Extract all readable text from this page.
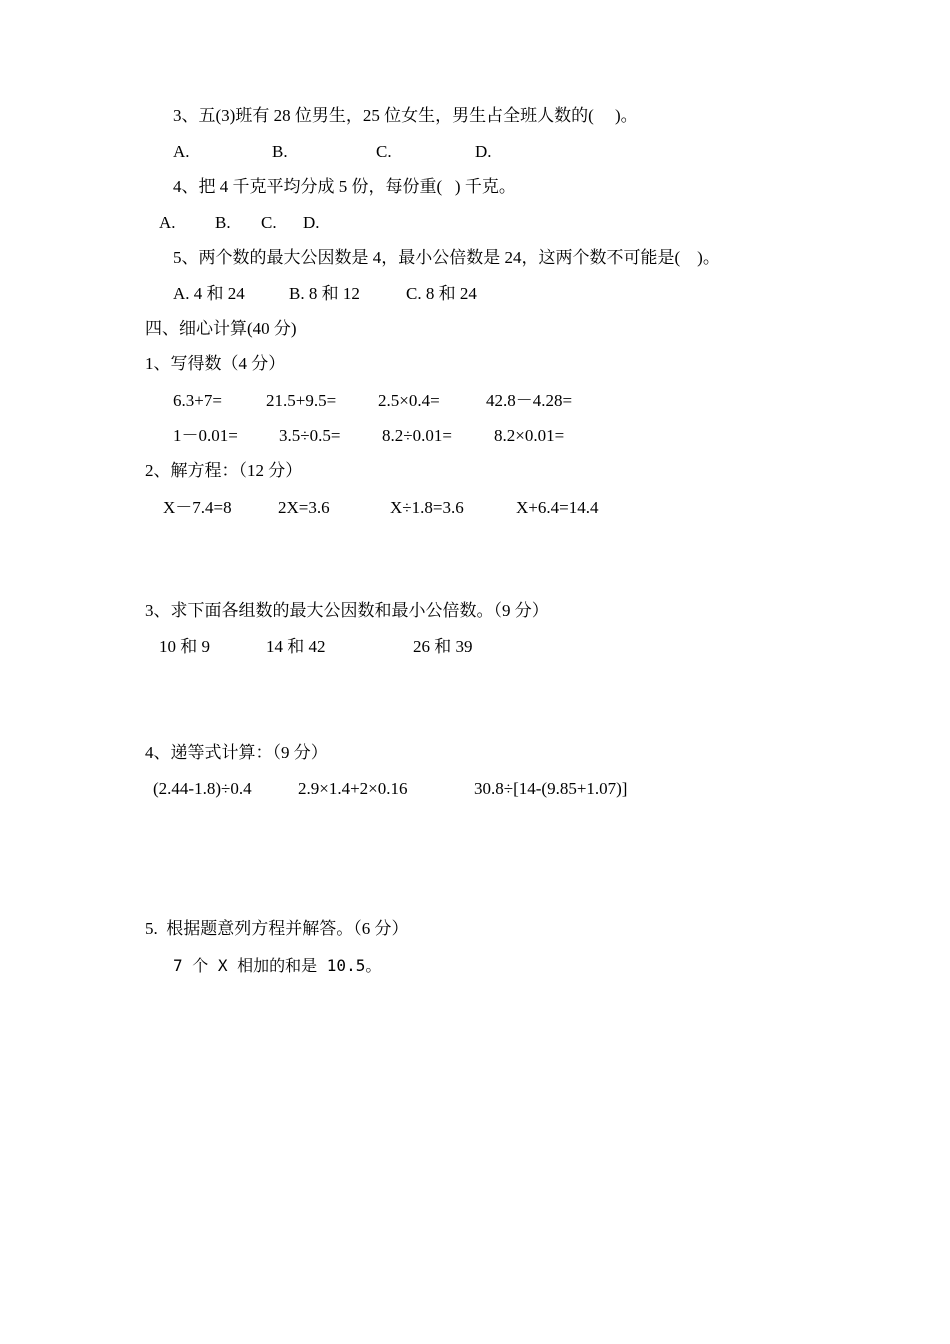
3、五(3)班有 28 位男生，25 位女生，男生占全班人数的(     )。
A.	B.	C.	D.
4、把 4 千克平均分成 5 份，每份重(   ) 千克。
A. B. C. D.
5、两个数的最大公因数是 4，最小公倍数是 24，这两个数不可能是(    )。
A. 4 和 24	B. 8 和 12	C. 8 和 24
四、细心计算(40 分)
1、写得数（4 分）
6.3+7=	21.5+9.5= 2.5×0.4=	42.8－4.28=
1－0.01= 3.5÷0.5= 8.2÷0.01= 8.2×0.01=
2、解方程：（12 分）
X－7.4=8	2X=3.6	X÷1.8=3.6	X+6.4=14.4
3、求下面各组数的最大公因数和最小公倍数。（9 分）
10 和 9	14 和 42	26 和 39
4、递等式计算：（9 分）
(2.44-1.8)÷0.4	2.9×1.4+2×0.16	30.8÷[14-(9.85+1.07)]
5.  根据题意列方程并解答。（6 分）
7 个 X 相加的和是 10.5。
